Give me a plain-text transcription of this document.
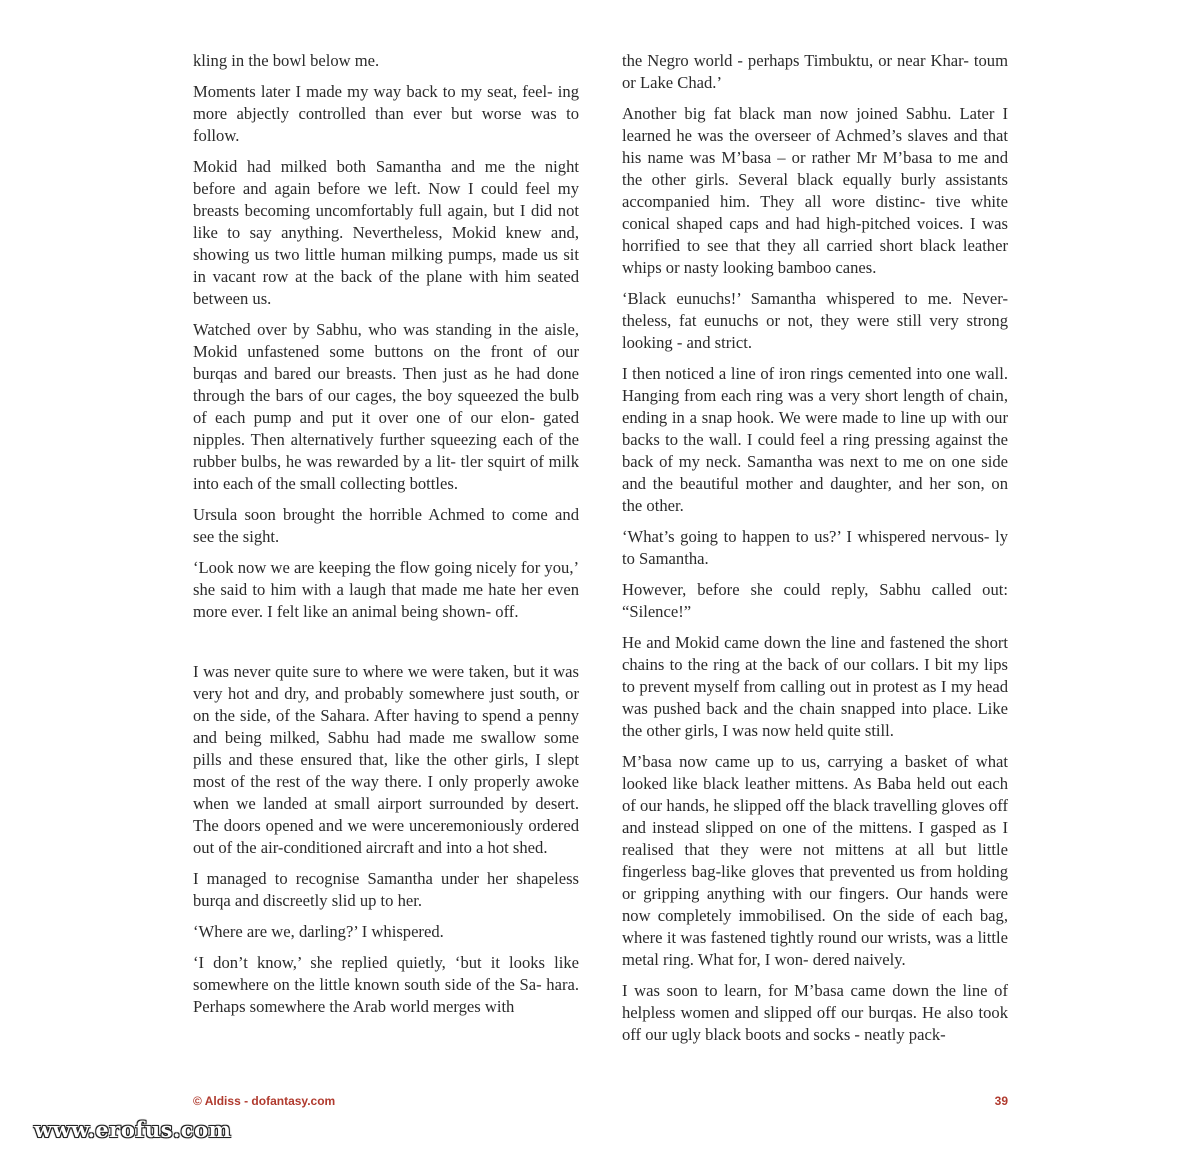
kling in the bowl below me.

Moments later I made my way back to my seat, feel- ing more abjectly controlled than ever but worse was to follow.

Mokid had milked both Samantha and me the night before and again before we left. Now I could feel my breasts becoming uncomfortably full again, but I did not like to say anything. Nevertheless, Mokid knew and, showing us two little human milking pumps, made us sit in vacant row at the back of the plane with him seated between us.

Watched over by Sabhu, who was standing in the aisle, Mokid unfastened some buttons on the front of our burqas and bared our breasts. Then just as he had done through the bars of our cages, the boy squeezed the bulb of each pump and put it over one of our elon- gated nipples. Then alternatively further squeezing each of the rubber bulbs, he was rewarded by a lit- tler squirt of milk into each of the small collecting bottles.

Ursula soon brought the horrible Achmed to come and see the sight.

‘Look now we are keeping the flow going nicely for you,’ she said to him with a laugh that made me hate her even more ever. I felt like an animal being shown- off.

I was never quite sure to where we were taken, but it was very hot and dry, and probably somewhere just south, or on the side, of the Sahara. After having to spend a penny and being milked, Sabhu had made me swallow some pills and these ensured that, like the other girls, I slept most of the rest of the way there. I only properly awoke when we landed at small airport surrounded by desert. The doors opened and we were unceremoniously ordered out of the air-conditioned aircraft and into a hot shed.

I managed to recognise Samantha under her shapeless burqa and discreetly slid up to her.

‘Where are we, darling?’ I whispered.

‘I don’t know,’ she replied quietly, ‘but it looks like somewhere on the little known south side of the Sa- hara. Perhaps somewhere the Arab world merges with

the Negro world - perhaps Timbuktu, or near Khar- toum or Lake Chad.’

Another big fat black man now joined Sabhu. Later I learned he was the overseer of Achmed’s slaves and that his name was M’basa – or rather Mr M’basa to me and the other girls. Several black equally burly assistants accompanied him. They all wore distinc- tive white conical shaped caps and had high-pitched voices. I was horrified to see that they all carried short black leather whips or nasty looking bamboo canes.

‘Black eunuchs!’ Samantha whispered to me. Never- theless, fat eunuchs or not, they were still very strong looking - and strict.

I then noticed a line of iron rings cemented into one wall. Hanging from each ring was a very short length of chain, ending in a snap hook. We were made to line up with our backs to the wall. I could feel a ring pressing against the back of my neck. Samantha was next to me on one side and the beautiful mother and daughter, and her son, on the other.

‘What’s going to happen to us?’ I whispered nervous- ly to Samantha.

However, before she could reply, Sabhu called out: “Silence!”

He and Mokid came down the line and fastened the short chains to the ring at the back of our collars. I bit my lips to prevent myself from calling out in protest as I my head was pushed back and the chain snapped into place. Like the other girls, I was now held quite still.

M’basa now came up to us, carrying a basket of what looked like black leather mittens. As Baba held out each of our hands, he slipped off the black travelling gloves off and instead slipped on one of the mittens. I gasped as I realised that they were not mittens at all but little fingerless bag-like gloves that prevented us from holding or gripping anything with our fingers. Our hands were now completely immobilised. On the side of each bag, where it was fastened tightly round our wrists, was a little metal ring. What for, I won- dered naively.

I was soon to learn, for M’basa came down the line of helpless women and slipped off our burqas. He also took off our ugly black boots and socks - neatly pack-

© Aldiss - dofantasy.com	39
www.erofus.com
